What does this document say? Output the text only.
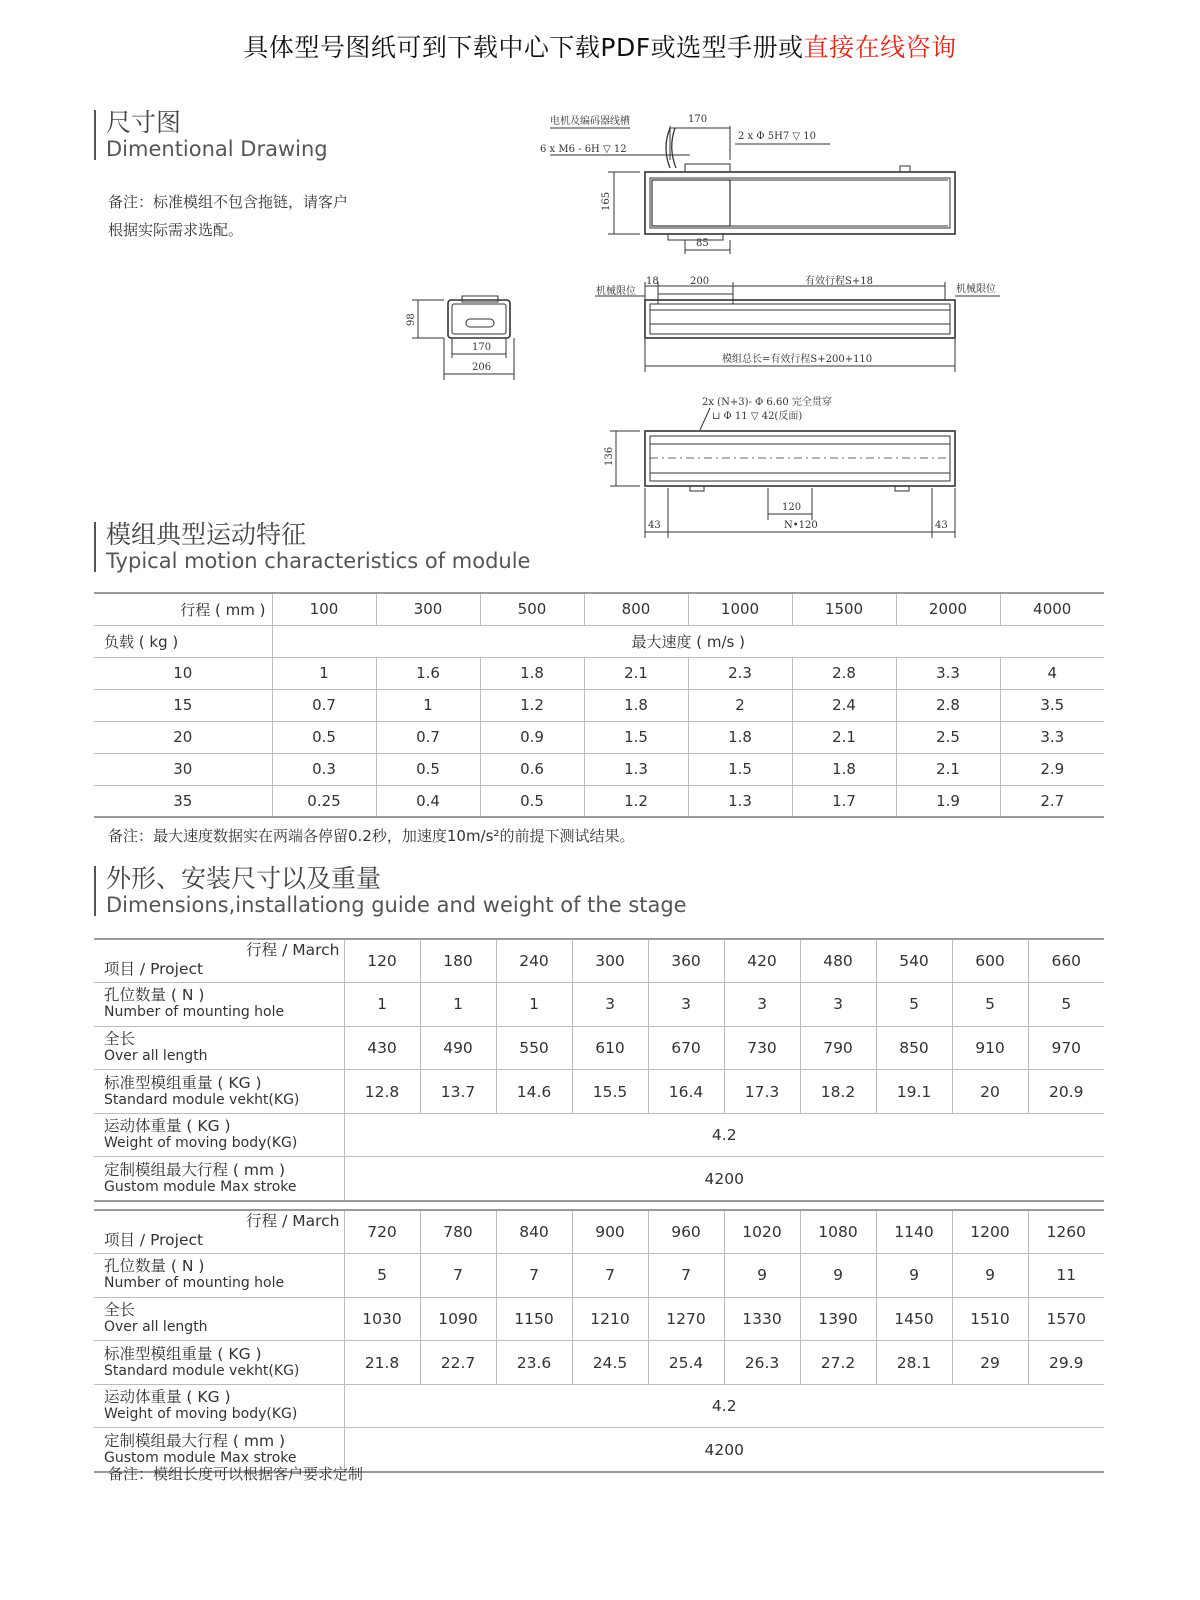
具体型号图纸可到下载中心下载PDF或选型手册或直接在线咨询
尺寸图
Dimentional Drawing
备注：标准模组不包含拖链，请客户
根据实际需求选配。
电机及编码器线槽	170
2 x Φ 5H7 ▽ 10
6 x M6 - 6H ▽ 12
165
85
机械限位	机械限位
18	200	有效行程S+18
模组总长=有效行程S+200+110
98
170
206
2x (N+3)- Φ 6.60 完全贯穿
⊔ Φ 11 ▽ 42(反面)
136
120
N•120
43	43
模组典型运动特征
Typical motion characteristics of module
行程 ( mm )	100	300	500	800	1000	1500	2000	4000
负载 ( kg )	最大速度 ( m/s )							
10	1	1.6	1.8	2.1	2.3	2.8	3.3	4
15	0.7	1	1.2	1.8	2	2.4	2.8	3.5
20	0.5	0.7	0.9	1.5	1.8	2.1	2.5	3.3
30	0.3	0.5	0.6	1.3	1.5	1.8	2.1	2.9
35	0.25	0.4	0.5	1.2	1.3	1.7	1.9	2.7
备注：最大速度数据实在两端各停留0.2秒，加速度10m/s²的前提下测试结果。
外形、安装尺寸以及重量
Dimensions,installationg guide and weight of the stage
行程 / March
项目 / Project	120	180	240	300	360	420	480	540	600	660

孔位数量 ( N )
Number of mounting hole	1	1	1	3	3	3	3	5	5	5

全长
Over all length	430	490	550	610	670	730	790	850	910	970

标准型模组重量 ( KG )
Standard module vekht(KG)	12.8	13.7	14.6	15.5	16.4	17.3	18.2	19.1	20	20.9

运动体重量 ( KG )
Weight of moving body(KG)	4.2									

定制模组最大行程 ( mm )
Gustom module Max stroke	4200									
行程 / March
项目 / Project	720	780	840	900	960	1020	1080	1140	1200	1260

孔位数量 ( N )
Number of mounting hole	5	7	7	7	7	9	9	9	9	11

全长
Over all length	1030	1090	1150	1210	1270	1330	1390	1450	1510	1570

标准型模组重量 ( KG )
Standard module vekht(KG)	21.8	22.7	23.6	24.5	25.4	26.3	27.2	28.1	29	29.9

运动体重量 ( KG )
Weight of moving body(KG)	4.2									

定制模组最大行程 ( mm )
Gustom module Max stroke	4200									
备注：模组长度可以根据客户要求定制
